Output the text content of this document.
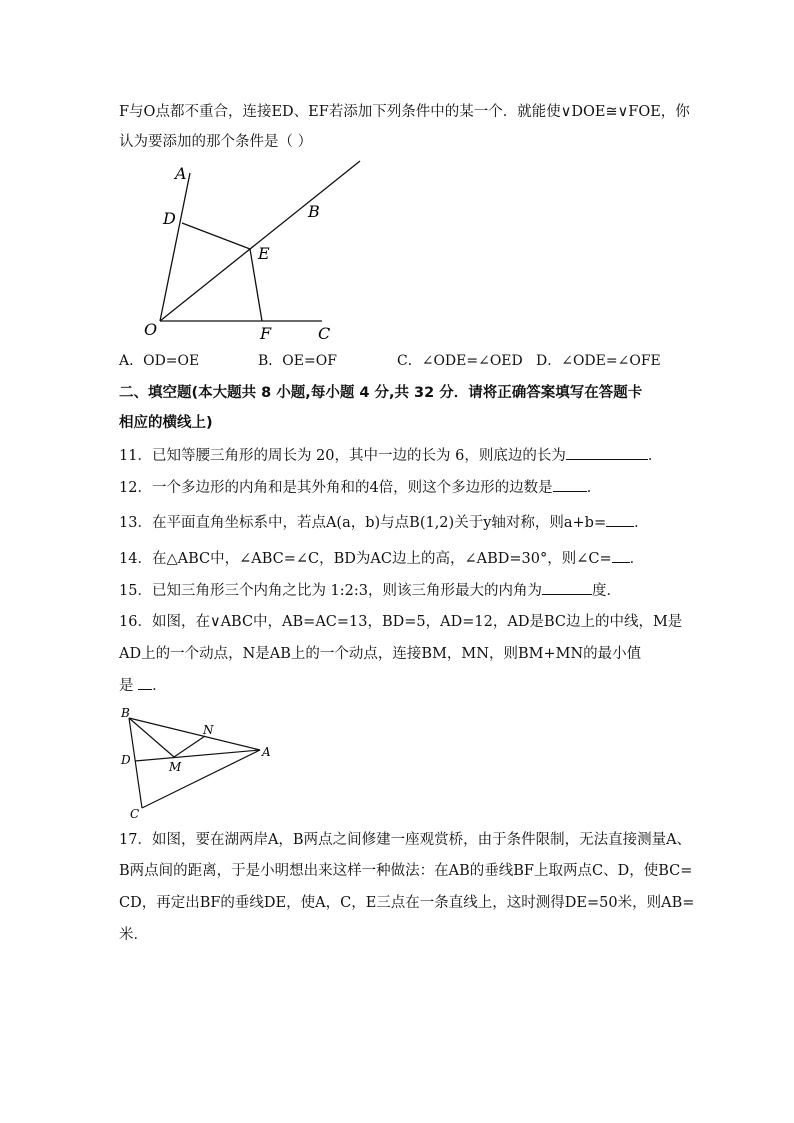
F与O点都不重合，连接ED、EF若添加下列条件中的某一个．就能使∨DOE≅∨FOE，你
认为要添加的那个条件是（ ）
A
B
C
D
E
F
O
A．OD=OE	B．OE=OF	C．∠ODE=∠OED D．∠ODE=∠OFE
二、填空题(本大题共 8 小题,每小题 4 分,共 32 分．请将正确答案填写在答题卡
相应的横线上)
11．已知等腰三角形的周长为 20，其中一边的长为 6，则底边的长为	．
12．一个多边形的内角和是其外角和的4倍，则这个多边形的边数是 ．
13．在平面直角坐标系中，若点A(a，b)与点B(1,2)关于y轴对称，则a+b= ．
14．在△ABC中，∠ABC=∠C，BD为AC边上的高，∠ABD=30°，则∠C= ．
15．已知三角形三个内角之比为 1:2:3，则该三角形最大的内角为	度．
16．如图，在∨ABC中，AB=AC=13，BD=5，AD=12，AD是BC边上的中线，M是
AD上的一个动点，N是AB上的一个动点，连接BM，MN，则BM+MN的最小值
是 ．
B
N
D	M
A
C
17．如图，要在湖两岸A，B两点之间修建一座观赏桥，由于条件限制，无法直接测量A、
B两点间的距离，于是小明想出来这样一种做法：在AB的垂线BF上取两点C、D，使BC=
CD，再定出BF的垂线DE，使A，C，E三点在一条直线上，这时测得DE=50米，则AB=
米．
